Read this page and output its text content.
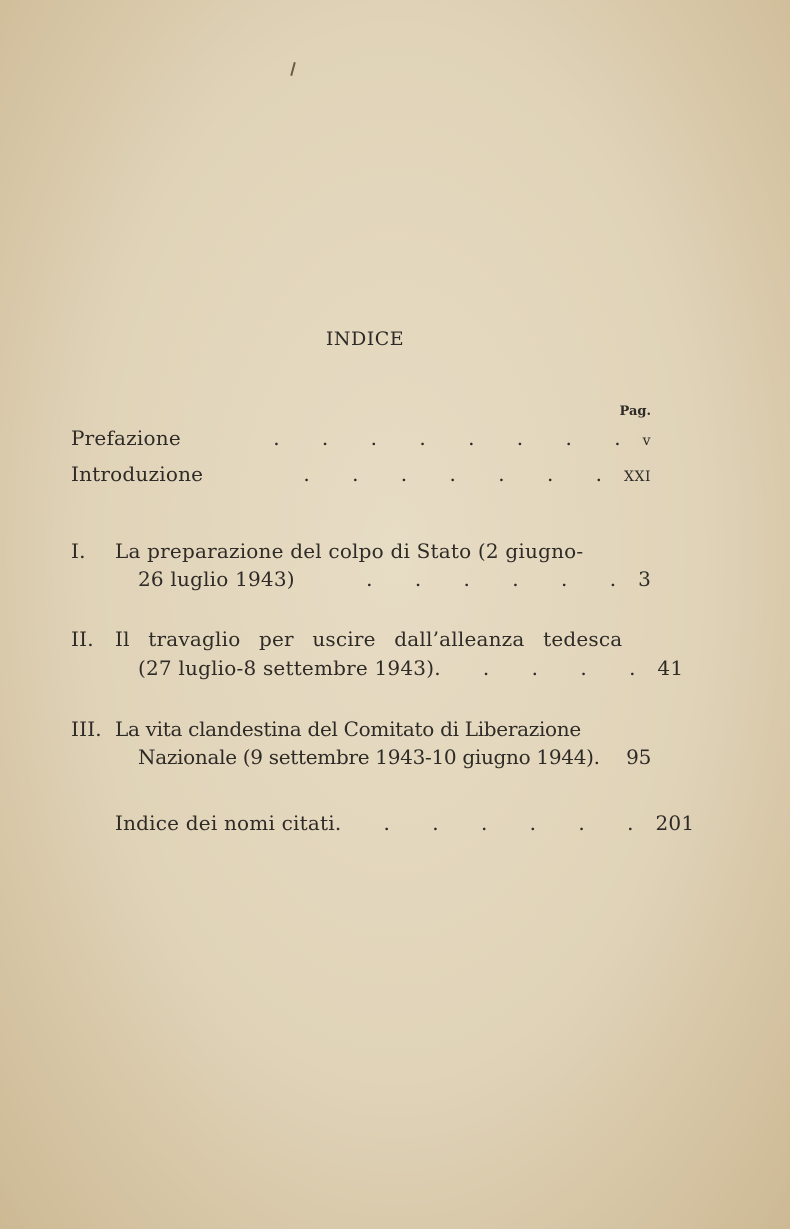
INDICE
Pag.
Prefazione	. . . . . . . . v
Introduzione	. . . . . . . XXI
I. La preparazione del colpo di Stato (2 giugno-
26 luglio 1943)	. . . . . . 3
II. Il travaglio per uscire dall’alleanza tedesca
(27 luglio-8 settembre 1943) . . . . . 41
III. La vita clandestina del Comitato di Liberazione
Nazionale (9 settembre 1943-10 giugno 1944). 95
Indice dei nomi citati . . . . . . . 201
